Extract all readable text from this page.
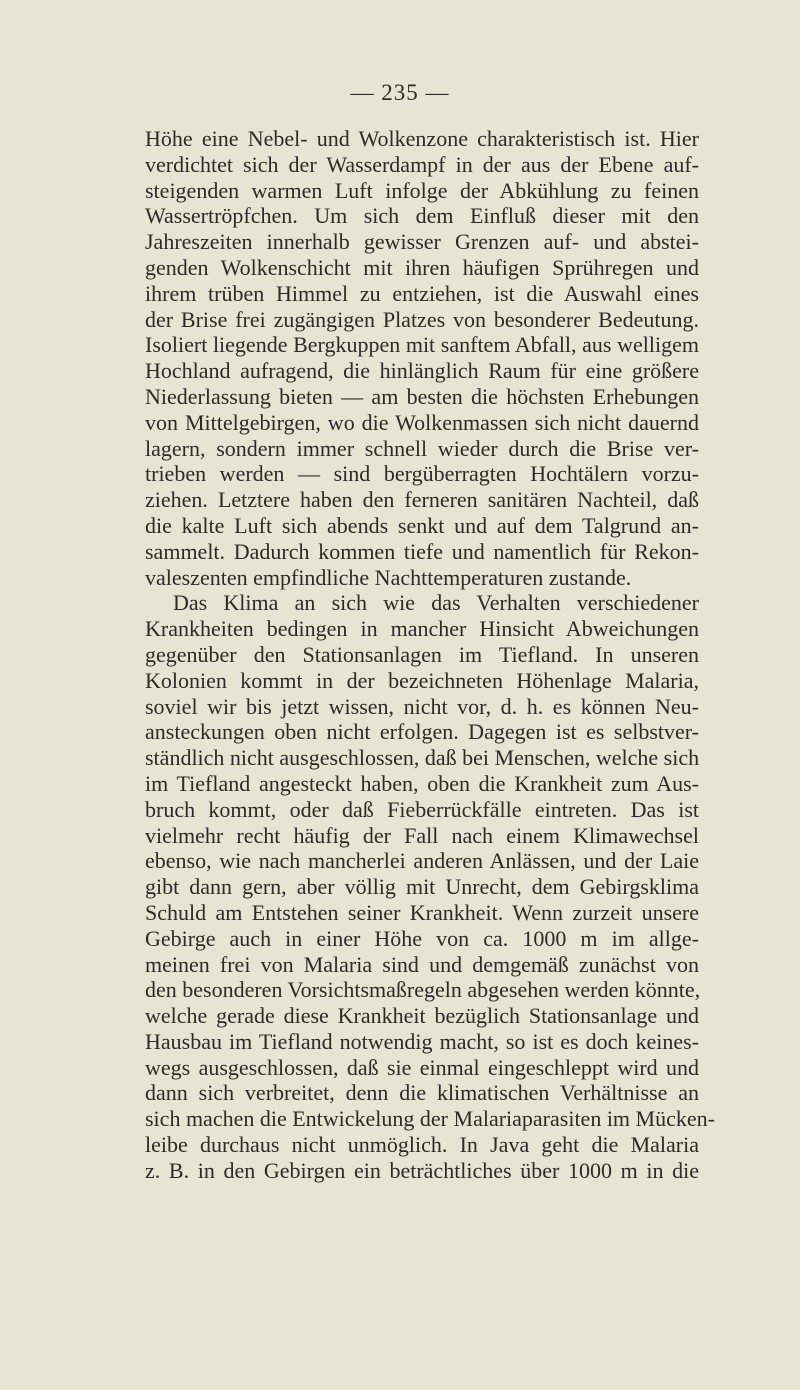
— 235 —
Höhe eine Nebel- und Wolkenzone charakteristisch ist. Hier
verdichtet sich der Wasserdampf in der aus der Ebene auf-
steigenden warmen Luft infolge der Abkühlung zu feinen
Wassertröpfchen. Um sich dem Einfluß dieser mit den
Jahreszeiten innerhalb gewisser Grenzen auf- und abstei-
genden Wolkenschicht mit ihren häufigen Sprühregen und
ihrem trüben Himmel zu entziehen, ist die Auswahl eines
der Brise frei zugängigen Platzes von besonderer Bedeutung.
Isoliert liegende Bergkuppen mit sanftem Abfall, aus welligem
Hochland aufragend, die hinlänglich Raum für eine größere
Niederlassung bieten — am besten die höchsten Erhebungen
von Mittelgebirgen, wo die Wolkenmassen sich nicht dauernd
lagern, sondern immer schnell wieder durch die Brise ver-
trieben werden — sind bergüberragten Hochtälern vorzu-
ziehen. Letztere haben den ferneren sanitären Nachteil, daß
die kalte Luft sich abends senkt und auf dem Talgrund an-
sammelt. Dadurch kommen tiefe und namentlich für Rekon-
valeszenten empfindliche Nachttemperaturen zustande.
Das Klima an sich wie das Verhalten verschiedener
Krankheiten bedingen in mancher Hinsicht Abweichungen
gegenüber den Stationsanlagen im Tiefland. In unseren
Kolonien kommt in der bezeichneten Höhenlage Malaria,
soviel wir bis jetzt wissen, nicht vor, d. h. es können Neu-
ansteckungen oben nicht erfolgen. Dagegen ist es selbstver-
ständlich nicht ausgeschlossen, daß bei Menschen, welche sich
im Tiefland angesteckt haben, oben die Krankheit zum Aus-
bruch kommt, oder daß Fieberrückfälle eintreten. Das ist
vielmehr recht häufig der Fall nach einem Klimawechsel
ebenso, wie nach mancherlei anderen Anlässen, und der Laie
gibt dann gern, aber völlig mit Unrecht, dem Gebirgsklima
Schuld am Entstehen seiner Krankheit. Wenn zurzeit unsere
Gebirge auch in einer Höhe von ca. 1000 m im allge-
meinen frei von Malaria sind und demgemäß zunächst von
den besonderen Vorsichtsmaßregeln abgesehen werden könnte,
welche gerade diese Krankheit bezüglich Stationsanlage und
Hausbau im Tiefland notwendig macht, so ist es doch keines-
wegs ausgeschlossen, daß sie einmal eingeschleppt wird und
dann sich verbreitet, denn die klimatischen Verhältnisse an
sich machen die Entwickelung der Malariaparasiten im Mücken-
leibe durchaus nicht unmöglich. In Java geht die Malaria
z. B. in den Gebirgen ein beträchtliches über 1000 m in die
